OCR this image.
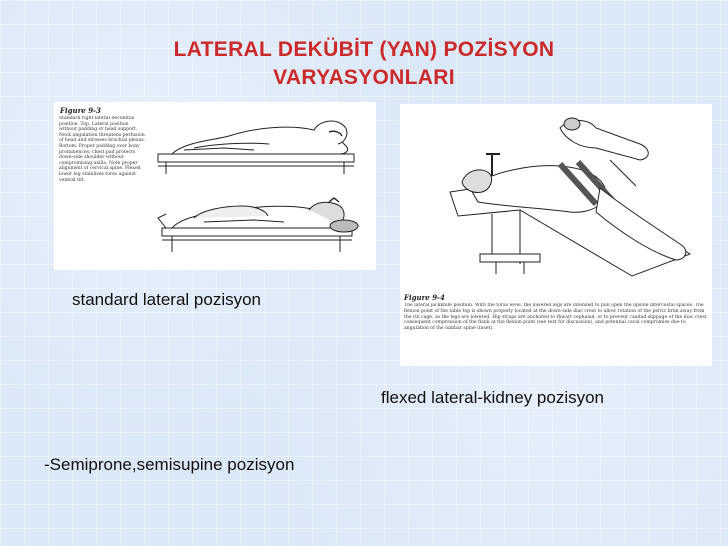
LATERAL DEKÜBİT (YAN) POZİSYON
VARYASYONLARI
Figure 9-3
Standard right lateral decubitus position. Top. Lateral position without padding or head support. Neck angulation threatens perfusion of head and stresses brachial plexus. Bottom. Proper padding over bony prominences; chest pad protects down-side shoulder without compromising axilla. Note proper alignment of cervical spine. Flexed lower leg stabilizes torso against ventral tilt.
Figure 9-4
The lateral jackknife position. With the torso level, the lowered legs are intended to pull open the upside intercostal spaces. The flexion point of the table top is shown properly located at the down-side iliac crest to allow rotation of the pelvic brim away from the rib cage, as the legs are lowered. Hip straps are anchored to thwart cephalad, or to prevent caudad slippage of the iliac crest, consequent compression of the flank at the flexion point (see text for discussion), and potential caval compromise due to angulation of the lumbar spine (inset).
standard lateral pozisyon
flexed lateral-kidney pozisyon
-Semiprone,semisupine pozisyon
